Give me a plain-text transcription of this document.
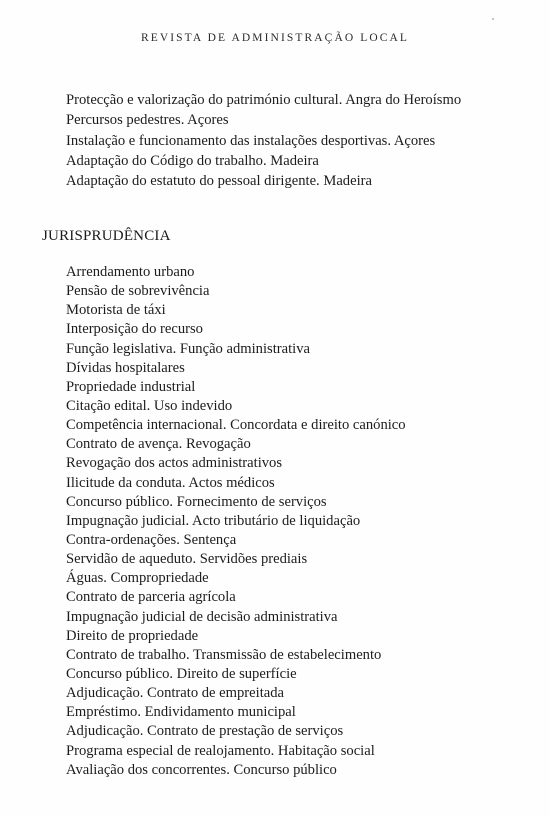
REVISTA DE ADMINISTRAÇÃO LOCAL
Protecção e valorização do património cultural. Angra do Heroísmo
Percursos pedestres. Açores
Instalação e funcionamento das instalações desportivas. Açores
Adaptação do Código do trabalho. Madeira
Adaptação do estatuto do pessoal dirigente. Madeira
JURISPRUDÊNCIA
Arrendamento urbano
Pensão de sobrevivência
Motorista de táxi
Interposição do recurso
Função legislativa. Função administrativa
Dívidas hospitalares
Propriedade industrial
Citação edital. Uso indevido
Competência internacional. Concordata e direito canónico
Contrato de avença. Revogação
Revogação dos actos administrativos
Ilicitude da conduta. Actos médicos
Concurso público. Fornecimento de serviços
Impugnação judicial. Acto tributário de liquidação
Contra-ordenações. Sentença
Servidão de aqueduto. Servidões prediais
Águas. Compropriedade
Contrato de parceria agrícola
Impugnação judicial de decisão administrativa
Direito de propriedade
Contrato de trabalho. Transmissão de estabelecimento
Concurso público. Direito de superfície
Adjudicação. Contrato de empreitada
Empréstimo. Endividamento municipal
Adjudicação. Contrato de prestação de serviços
Programa especial de realojamento. Habitação social
Avaliação dos concorrentes. Concurso público
